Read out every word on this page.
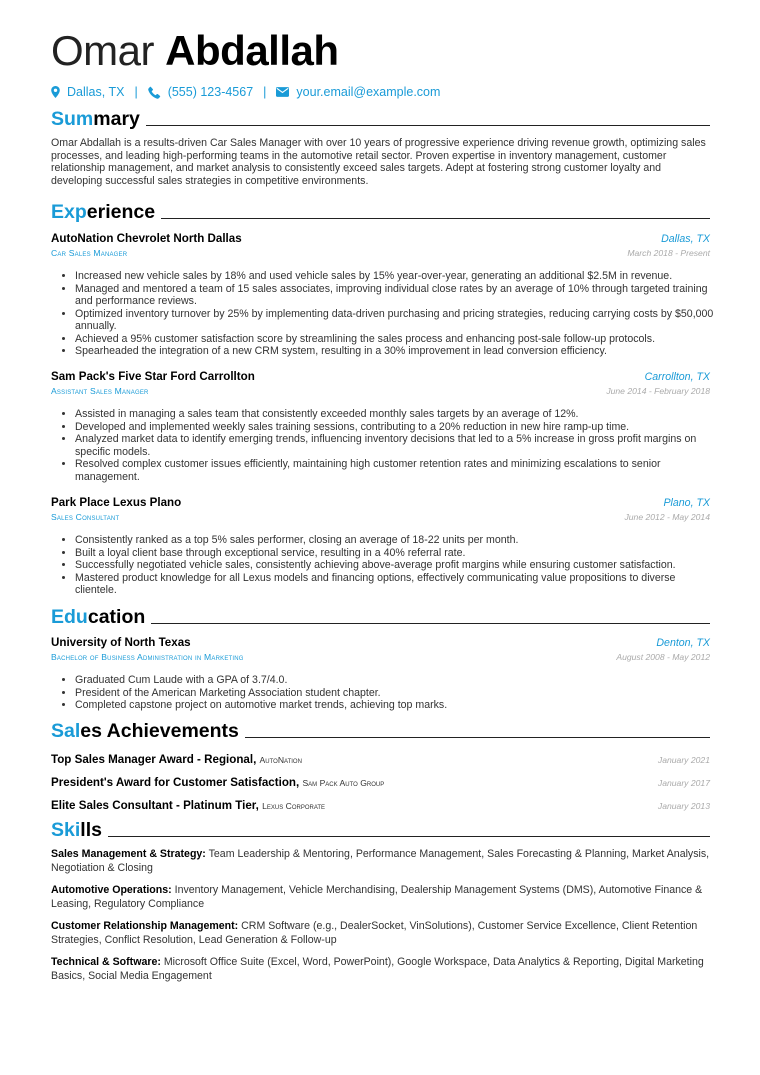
Omar Abdallah
Dallas, TX | (555) 123-4567 | your.email@example.com
Summary
Omar Abdallah is a results-driven Car Sales Manager with over 10 years of progressive experience driving revenue growth, optimizing sales processes, and leading high-performing teams in the automotive retail sector. Proven expertise in inventory management, customer relationship management, and market analysis to consistently exceed sales targets. Adept at fostering strong customer loyalty and developing successful sales strategies in competitive environments.
Experience
AutoNation Chevrolet North Dallas	Dallas, TX
Car Sales Manager	March 2018 - Present
• Increased new vehicle sales by 18% and used vehicle sales by 15% year-over-year, generating an additional $2.5M in revenue.
• Managed and mentored a team of 15 sales associates, improving individual close rates by an average of 10% through targeted training and performance reviews.
• Optimized inventory turnover by 25% by implementing data-driven purchasing and pricing strategies, reducing carrying costs by $50,000 annually.
• Achieved a 95% customer satisfaction score by streamlining the sales process and enhancing post-sale follow-up protocols.
• Spearheaded the integration of a new CRM system, resulting in a 30% improvement in lead conversion efficiency.
Sam Pack's Five Star Ford Carrollton	Carrollton, TX
Assistant Sales Manager	June 2014 - February 2018
• Assisted in managing a sales team that consistently exceeded monthly sales targets by an average of 12%.
• Developed and implemented weekly sales training sessions, contributing to a 20% reduction in new hire ramp-up time.
• Analyzed market data to identify emerging trends, influencing inventory decisions that led to a 5% increase in gross profit margins on specific models.
• Resolved complex customer issues efficiently, maintaining high customer retention rates and minimizing escalations to senior management.
Park Place Lexus Plano	Plano, TX
Sales Consultant	June 2012 - May 2014
• Consistently ranked as a top 5% sales performer, closing an average of 18-22 units per month.
• Built a loyal client base through exceptional service, resulting in a 40% referral rate.
• Successfully negotiated vehicle sales, consistently achieving above-average profit margins while ensuring customer satisfaction.
• Mastered product knowledge for all Lexus models and financing options, effectively communicating value propositions to diverse clientele.
Education
University of North Texas	Denton, TX
Bachelor of Business Administration in Marketing	August 2008 - May 2012
• Graduated Cum Laude with a GPA of 3.7/4.0.
• President of the American Marketing Association student chapter.
• Completed capstone project on automotive market trends, achieving top marks.
Sales Achievements
Top Sales Manager Award - Regional, AutoNation	January 2021
President's Award for Customer Satisfaction, Sam Pack Auto Group	January 2017
Elite Sales Consultant - Platinum Tier, Lexus Corporate	January 2013
Skills
Sales Management & Strategy: Team Leadership & Mentoring, Performance Management, Sales Forecasting & Planning, Market Analysis, Negotiation & Closing
Automotive Operations: Inventory Management, Vehicle Merchandising, Dealership Management Systems (DMS), Automotive Finance & Leasing, Regulatory Compliance
Customer Relationship Management: CRM Software (e.g., DealerSocket, VinSolutions), Customer Service Excellence, Client Retention Strategies, Conflict Resolution, Lead Generation & Follow-up
Technical & Software: Microsoft Office Suite (Excel, Word, PowerPoint), Google Workspace, Data Analytics & Reporting, Digital Marketing Basics, Social Media Engagement
